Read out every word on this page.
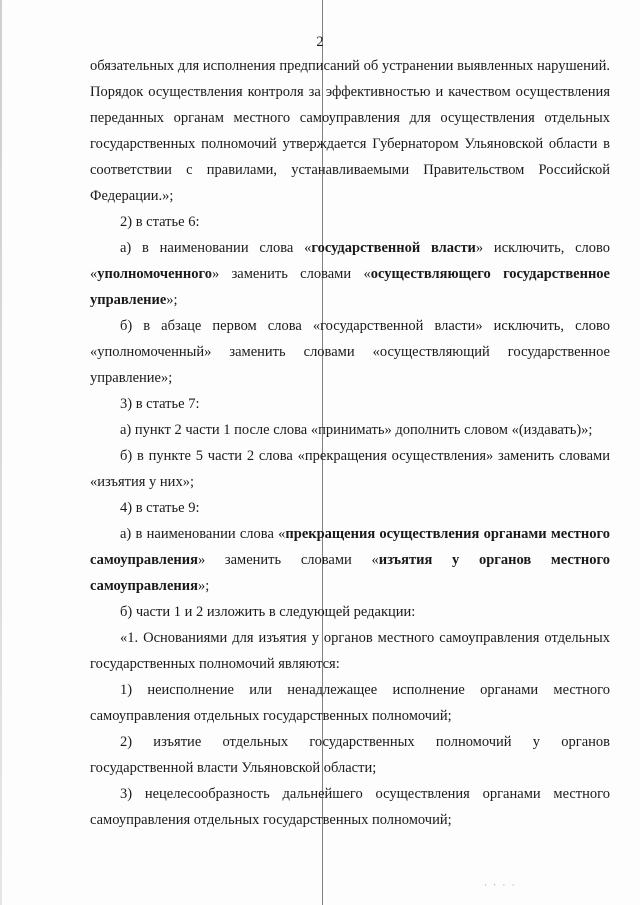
2

обязательных для исполнения предписаний об устранении выявленных нарушений. Порядок осуществления контроля за эффективностью и качеством осуществления переданных органам местного самоуправления для осуществления отдельных государственных полномочий утверждается Губернатором Ульяновской области в соответствии с правилами, устанавливаемыми Правительством Российской Федерации.»;

2) в статье 6:

а) в наименовании слова «государственной власти» исключить, слово «уполномоченного» заменить словами «осуществляющего государственное управление»;

б) в абзаце первом слова «государственной власти» исключить, слово «уполномоченный» заменить словами «осуществляющий государственное управление»;

3) в статье 7:

а) пункт 2 части 1 после слова «принимать» дополнить словом «(издавать)»;

б) в пункте 5 части 2 слова «прекращения осуществления» заменить словами «изъятия у них»;

4) в статье 9:

а) в наименовании слова «прекращения осуществления органами местного самоуправления» заменить словами «изъятия у органов местного самоуправления»;

б) части 1 и 2 изложить в следующей редакции:

«1. Основаниями для изъятия у органов местного самоуправления отдельных государственных полномочий являются:

1) неисполнение или ненадлежащее исполнение органами местного самоуправления отдельных государственных полномочий;

2) изъятие отдельных государственных полномочий у органов государственной власти Ульяновской области;

3) нецелесообразность дальнейшего осуществления органами местного самоуправления отдельных государственных полномочий;

· ‧ · ·
